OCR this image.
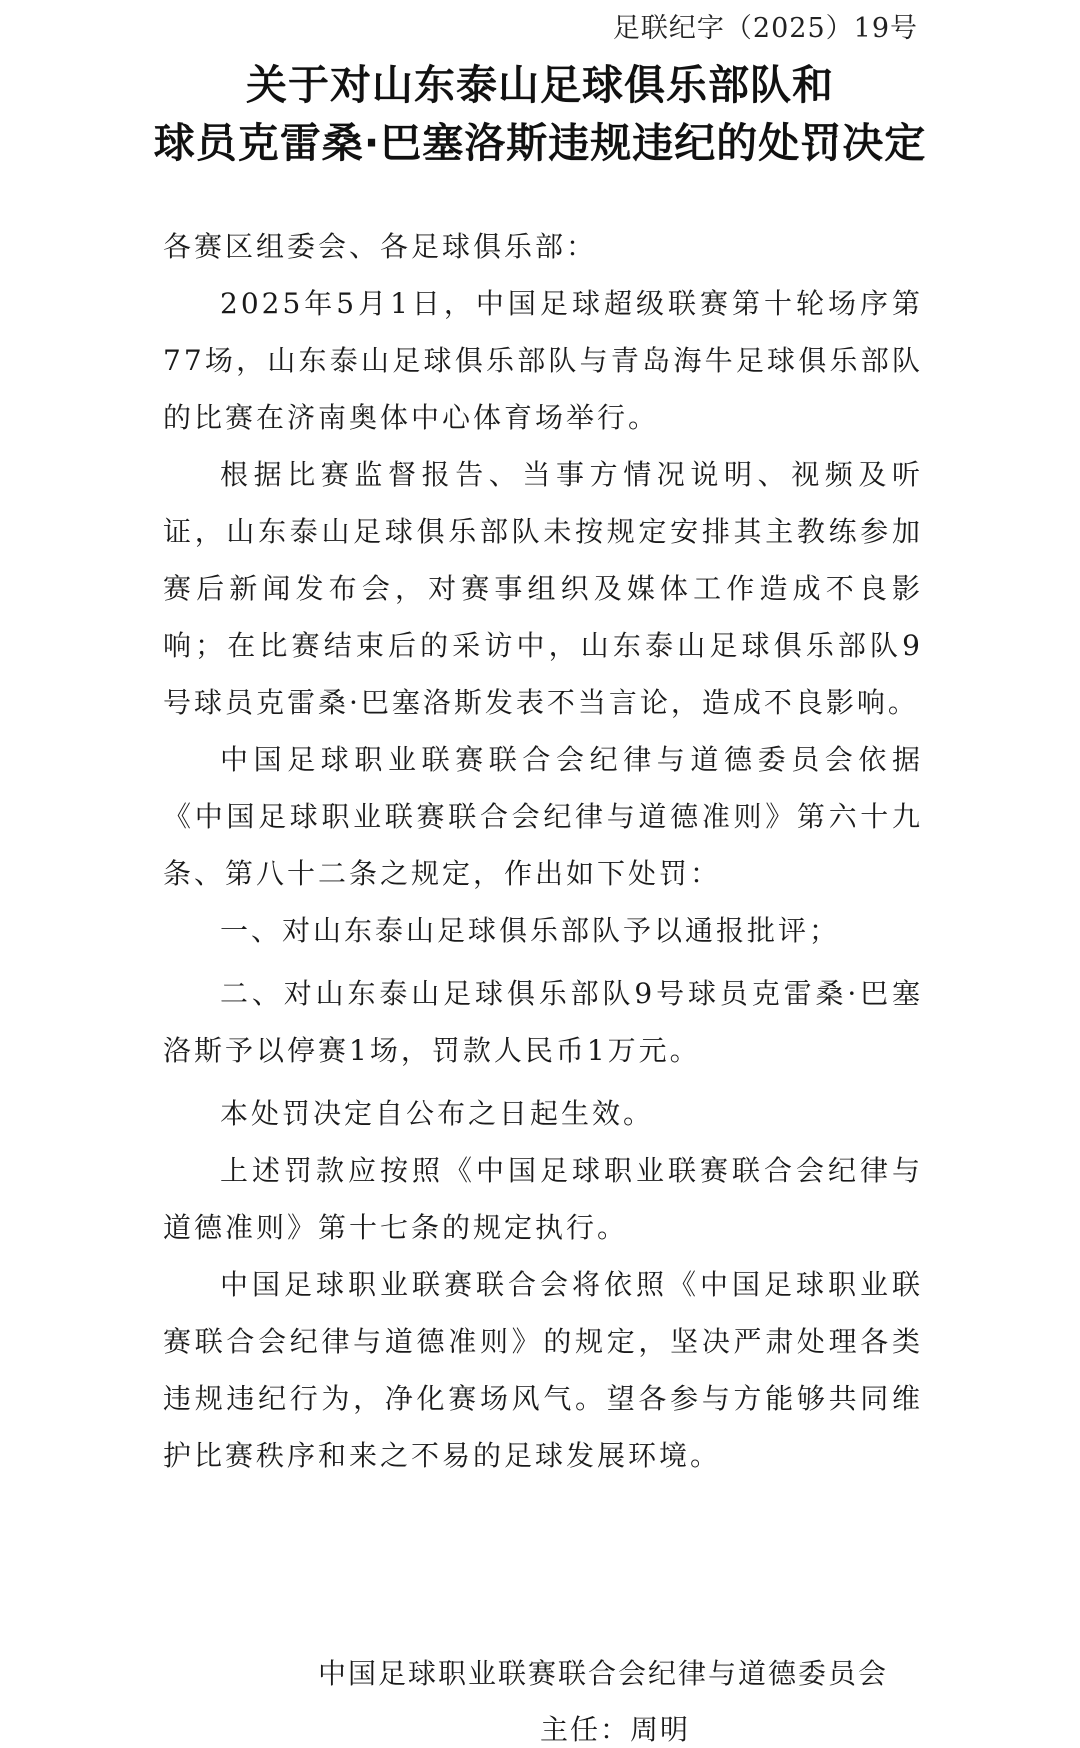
足联纪字（2025）19号
关于对山东泰山足球俱乐部队和
球员克雷桑·巴塞洛斯违规违纪的处罚决定

各赛区组委会、各足球俱乐部：

2025年5月1日，中国足球超级联赛第十轮场序第77场，山东泰山足球俱乐部队与青岛海牛足球俱乐部队的比赛在济南奥体中心体育场举行。

根据比赛监督报告、当事方情况说明、视频及听证，山东泰山足球俱乐部队未按规定安排其主教练参加赛后新闻发布会，对赛事组织及媒体工作造成不良影响；在比赛结束后的采访中，山东泰山足球俱乐部队9号球员克雷桑·巴塞洛斯发表不当言论，造成不良影响。

中国足球职业联赛联合会纪律与道德委员会依据《中国足球职业联赛联合会纪律与道德准则》第六十九条、第八十二条之规定，作出如下处罚：

一、对山东泰山足球俱乐部队予以通报批评；

二、对山东泰山足球俱乐部队9号球员克雷桑·巴塞洛斯予以停赛1场，罚款人民币1万元。

本处罚决定自公布之日起生效。

上述罚款应按照《中国足球职业联赛联合会纪律与道德准则》第十七条的规定执行。

中国足球职业联赛联合会将依照《中国足球职业联赛联合会纪律与道德准则》的规定，坚决严肃处理各类违规违纪行为，净化赛场风气。望各参与方能够共同维护比赛秩序和来之不易的足球发展环境。

中国足球职业联赛联合会纪律与道德委员会
主任：周明
